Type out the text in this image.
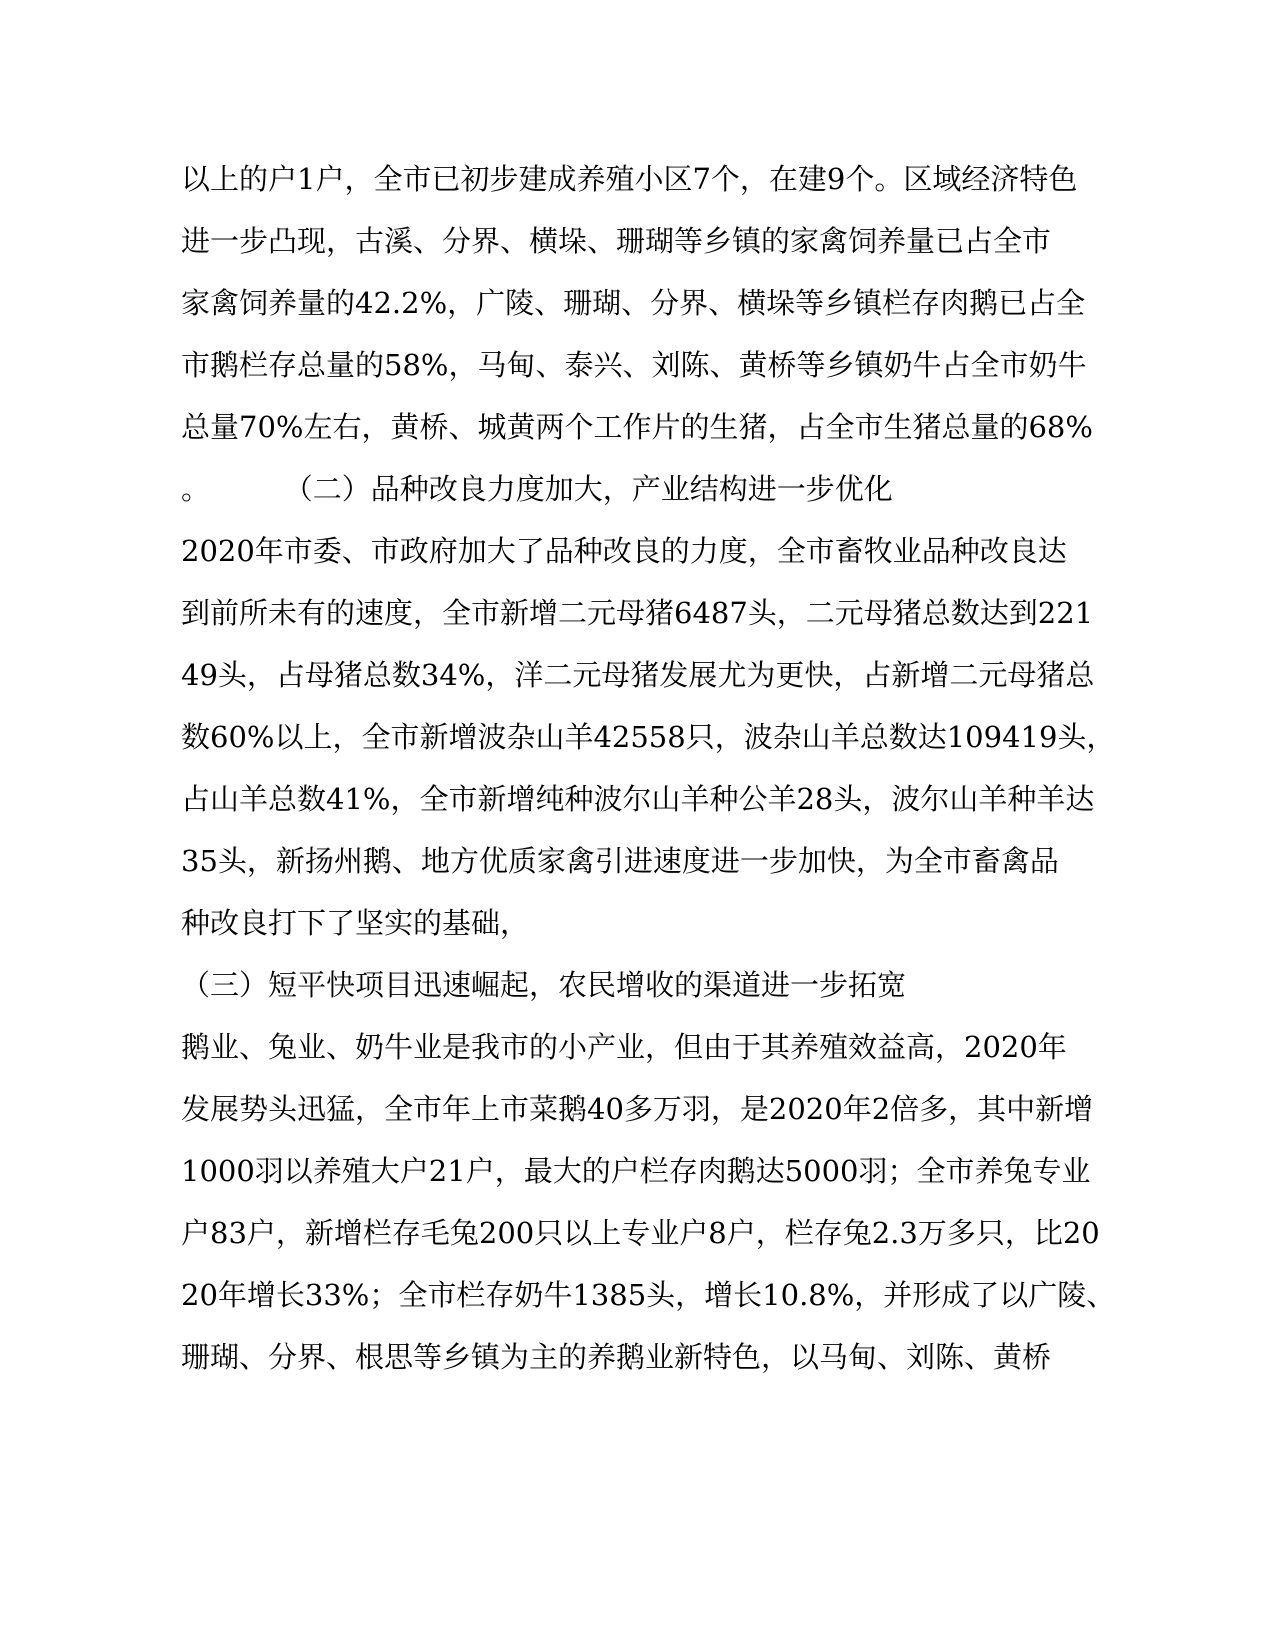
以上的户1户，全市已初步建成养殖小区7个，在建9个。区域经济特色
进一步凸现，古溪、分界、横垛、珊瑚等乡镇的家禽饲养量已占全市
家禽饲养量的42.2%，广陵、珊瑚、分界、横垛等乡镇栏存肉鹅已占全
市鹅栏存总量的58%，马甸、泰兴、刘陈、黄桥等乡镇奶牛占全市奶牛
总量70%左右，黄桥、城黄两个工作片的生猪，占全市生猪总量的68%
。        （二）品种改良力度加大，产业结构进一步优化
2020年市委、市政府加大了品种改良的力度，全市畜牧业品种改良达
到前所未有的速度，全市新增二元母猪6487头，二元母猪总数达到221
49头，占母猪总数34%，洋二元母猪发展尤为更快，占新增二元母猪总
数60%以上，全市新增波杂山羊42558只，波杂山羊总数达109419头，
占山羊总数41%，全市新增纯种波尔山羊种公羊28头，波尔山羊种羊达
35头，新扬州鹅、地方优质家禽引进速度进一步加快，为全市畜禽品
种改良打下了坚实的基础，
（三）短平快项目迅速崛起，农民增收的渠道进一步拓宽
鹅业、兔业、奶牛业是我市的小产业，但由于其养殖效益高，2020年
发展势头迅猛，全市年上市菜鹅40多万羽，是2020年2倍多，其中新增
1000羽以养殖大户21户，最大的户栏存肉鹅达5000羽；全市养兔专业
户83户，新增栏存毛兔200只以上专业户8户，栏存兔2.3万多只，比20
20年增长33%；全市栏存奶牛1385头，增长10.8%，并形成了以广陵、
珊瑚、分界、根思等乡镇为主的养鹅业新特色，以马甸、刘陈、黄桥
